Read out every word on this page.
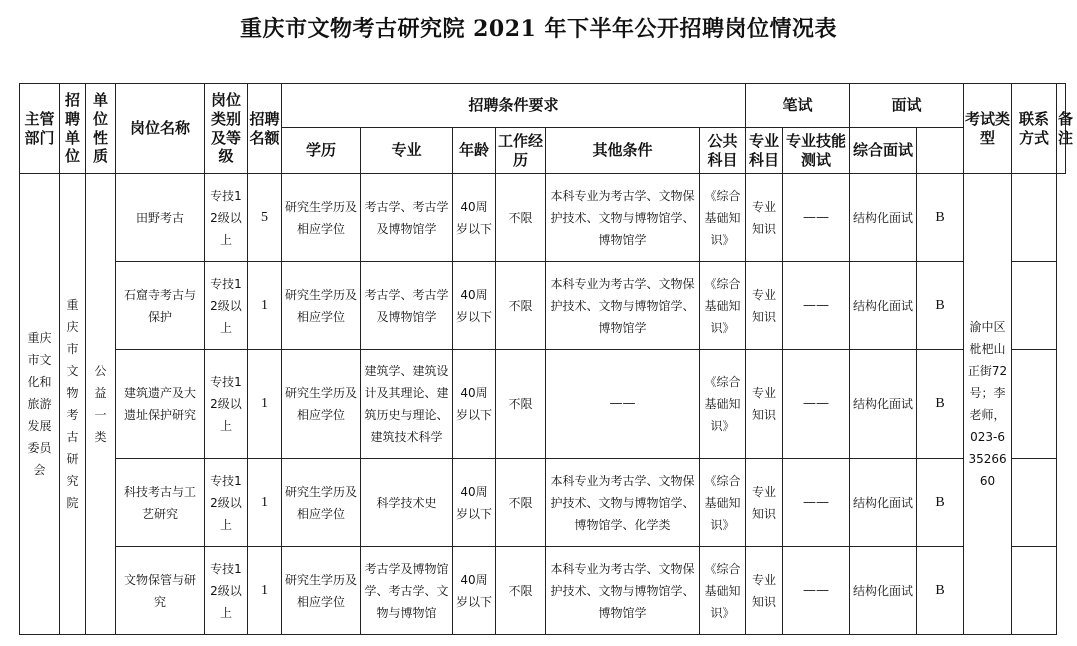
重庆市文物考古研究院 2021 年下半年公开招聘岗位情况表
主管部门	招聘单位	单位性质	岗位名称	岗位类别及等级	招聘名额	招聘条件要求						笔试		面试		考试类型	联系方式	备注
						学历	专业	年龄	工作经历	其他条件	公共科目	专业科目	专业技能测试	综合面试				
重庆市文化和旅游发展委员会	重庆市文物考古研究院	公益一类	田野考古	专技12级以上	5	研究生学历及相应学位	考古学、考古学及博物馆学	40周岁以下	不限	本科专业为考古学、文物保护技术、文物与博物馆学、博物馆学	《综合基础知识》	专业知识	——	结构化面试	B	渝中区枇杷山正街72号；李老师，023-63526660		
			石窟寺考古与保护	专技12级以上	1	研究生学历及相应学位	考古学、考古学及博物馆学	40周岁以下	不限	本科专业为考古学、文物保护技术、文物与博物馆学、博物馆学	《综合基础知识》	专业知识	——	结构化面试	B			
			建筑遗产及大遗址保护研究	专技12级以上	1	研究生学历及相应学位	建筑学、建筑设计及其理论、建筑历史与理论、建筑技术科学	40周岁以下	不限	——	《综合基础知识》	专业知识	——	结构化面试	B			
			科技考古与工艺研究	专技12级以上	1	研究生学历及相应学位	科学技术史	40周岁以下	不限	本科专业为考古学、文物保护技术、文物与博物馆学、博物馆学、化学类	《综合基础知识》	专业知识	——	结构化面试	B			
			文物保管与研究	专技12级以上	1	研究生学历及相应学位	考古学及博物馆学、考古学、文物与博物馆	40周岁以下	不限	本科专业为考古学、文物保护技术、文物与博物馆学、博物馆学	《综合基础知识》	专业知识	——	结构化面试	B			
